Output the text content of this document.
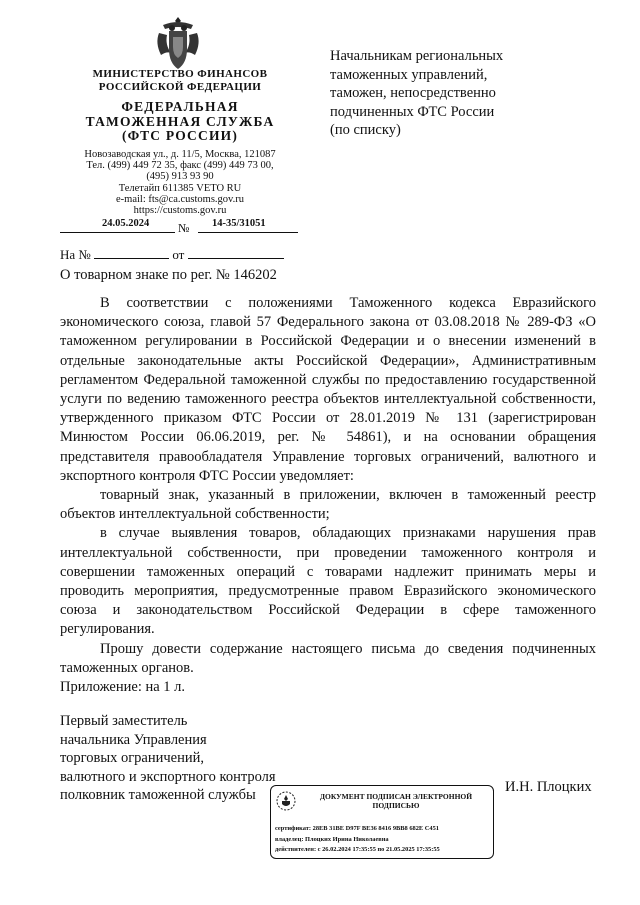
МИНИСТЕРСТВО ФИНАНСОВ
РОССИЙСКОЙ ФЕДЕРАЦИИ
ФЕДЕРАЛЬНАЯ
ТАМОЖЕННАЯ СЛУЖБА
(ФТС РОССИИ)
Новозаводская ул., д. 11/5, Москва, 121087
Тел. (499) 449 72 35, факс (499) 449 73 00,
(495) 913 93 90
Телетайп 611385 VETO RU
e-mail: fts@ca.customs.gov.ru
https://customs.gov.ru
24.05.2024 № 14-35/31051
На №	от
Начальникам региональных
таможенных управлений,
таможен, непосредственно
подчиненных ФТС России
(по списку)
О товарном знаке по рег. № 146202

В соответствии с положениями Таможенного кодекса Евразийского экономического союза, главой 57 Федерального закона от 03.08.2018 № 289-ФЗ «О таможенном регулировании в Российской Федерации и о внесении изменений в отдельные законодательные акты Российской Федерации», Административным регламентом Федеральной таможенной службы по предоставлению государственной услуги по ведению таможенного реестра объектов интеллектуальной собственности, утвержденного приказом ФТС России от 28.01.2019 № 131 (зарегистрирован Минюстом России 06.06.2019, рег. № 54861), и на основании обращения представителя правообладателя Управление торговых ограничений, валютного и экспортного контроля ФТС России уведомляет:

товарный знак, указанный в приложении, включен в таможенный реестр объектов интеллектуальной собственности;

в случае выявления товаров, обладающих признаками нарушения прав интеллектуальной собственности, при проведении таможенного контроля и совершении таможенных операций с товарами надлежит принимать меры и проводить мероприятия, предусмотренные правом Евразийского экономического союза и законодательством Российской Федерации в сфере таможенного регулирования.

Прошу довести содержание настоящего письма до сведения подчиненных таможенных органов.

Приложение: на 1 л.
Первый заместитель
начальника Управления
торговых ограничений,
валютного и экспортного контроля
полковник таможенной службы	И.Н. Плоцких
ДОКУМЕНТ ПОДПИСАН ЭЛЕКТРОННОЙ
ПОДПИСЬЮ
сертификат: 28EB 31BE D97F BE36 8416 9BB8 682E C451
владелец: Плоцких Ирина Николаевна
действителен: с 26.02.2024 17:35:55 по 21.05.2025 17:35:55
